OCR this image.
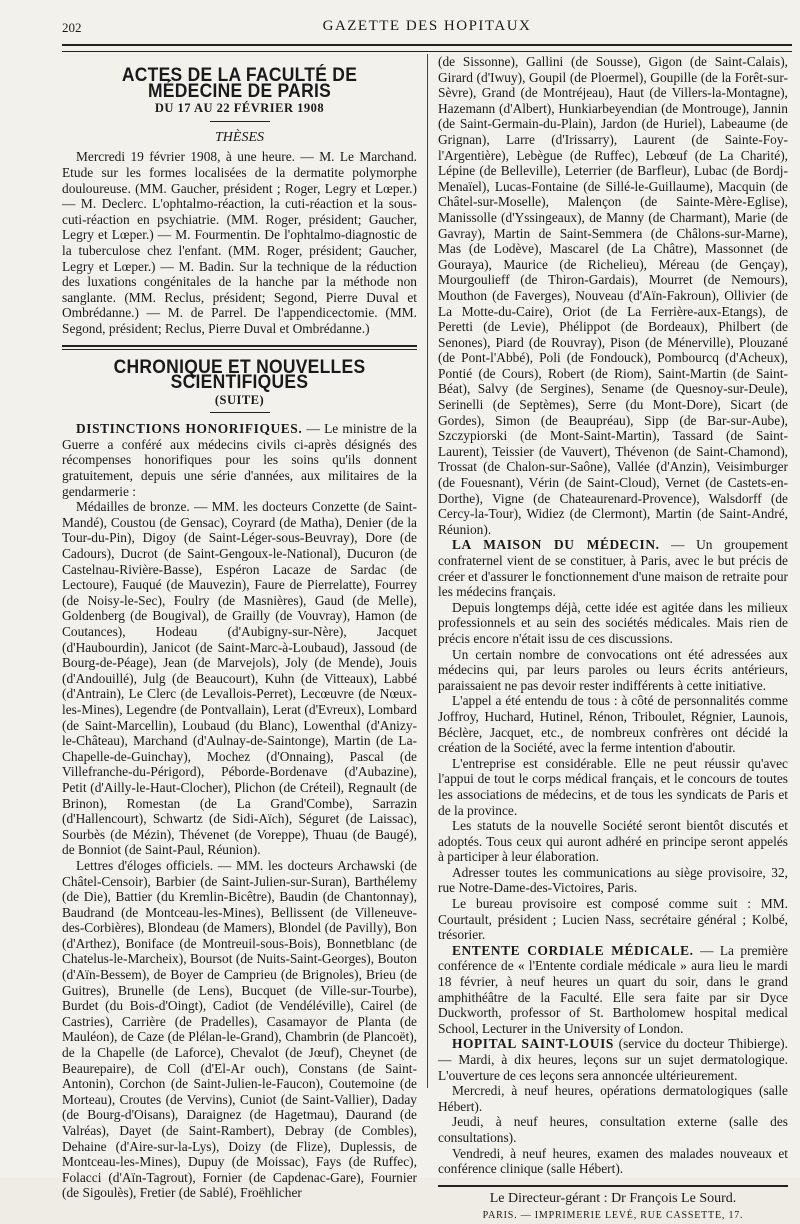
202	GAZETTE DES HOPITAUX
ACTES DE LA FACULTÉ DE MÉDECINE DE PARIS
DU 17 AU 22 FÉVRIER 1908
THÈSES

Mercredi 19 février 1908, à une heure. — M. Le Marchand. Etude sur les formes localisées de la dermatite polymorphe douloureuse. (MM. Gaucher, président ; Roger, Legry et Lœper.) — M. Declerc. L'ophtalmo-réaction, la cuti-réaction et la sous-cuti-réaction en psychiatrie. (MM. Roger, président; Gaucher, Legry et Lœper.) — M. Fourmentin. De l'ophtalmo-diagnostic de la tuberculose chez l'enfant. (MM. Roger, président; Gaucher, Legry et Lœper.) — M. Badin. Sur la technique de la réduction des luxations congénitales de la hanche par la méthode non sanglante. (MM. Reclus, président; Segond, Pierre Duval et Ombrédanne.) — M. de Parrel. De l'appendicectomie. (MM. Segond, président; Reclus, Pierre Duval et Ombrédanne.)

CHRONIQUE ET NOUVELLES SCIENTIFIQUES
(SUITE)

DISTINCTIONS HONORIFIQUES. — Le ministre de la Guerre a conféré aux médecins civils ci-après désignés des récompenses honorifiques pour les soins qu'ils donnent gratuitement, depuis une série d'années, aux militaires de la gendarmerie :

Médailles de bronze. — MM. les docteurs Conzette (de Saint-Mandé), Coustou (de Gensac), Coyrard (de Matha), Denier (de la Tour-du-Pin), Digoy (de Saint-Léger-sous-Beuvray), Dore (de Cadours), Ducrot (de Saint-Gengoux-le-National), Ducuron (de Castelnau-Rivière-Basse), Espéron Lacaze de Sardac (de Lectoure), Fauqué (de Mauvezin), Faure de Pierrelatte), Fourrey (de Noisy-le-Sec), Foulry (de Masnières), Gaud (de Melle), Goldenberg (de Bougival), de Grailly (de Vouvray), Hamon (de Coutances), Hodeau (d'Aubigny-sur-Nère), Jacquet (d'Haubourdin), Janicot (de Saint-Marc-à-Loubaud), Jassoud (de Bourg-de-Péage), Jean (de Marvejols), Joly (de Mende), Jouis (d'Andouillé), Julg (de Beaucourt), Kuhn (de Vitteaux), Labbé (d'Antrain), Le Clerc (de Levallois-Perret), Lecœuvre (de Nœux-les-Mines), Legendre (de Pontvallain), Lerat (d'Evreux), Lombard (de Saint-Marcellin), Loubaud (du Blanc), Lowenthal (d'Anizy-le-Château), Marchand (d'Aulnay-de-Saintonge), Martin (de La-Chapelle-de-Guinchay), Mochez (d'Onnaing), Pascal (de Villefranche-du-Périgord), Péborde-Bordenave (d'Aubazine), Petit (d'Ailly-le-Haut-Clocher), Plichon (de Créteil), Regnault (de Brinon), Romestan (de La Grand'Combe), Sarrazin (d'Hallencourt), Schwartz (de Sidi-Aïch), Séguret (de Laissac), Sourbès (de Mézin), Thévenet (de Voreppe), Thuau (de Baugé), de Bonniot (de Saint-Paul, Réunion).

Lettres d'éloges officiels. — MM. les docteurs Archawski (de Châtel-Censoir), Barbier (de Saint-Julien-sur-Suran), Barthélemy (de Die), Battier (du Kremlin-Bicêtre), Baudin (de Chantonnay), Baudrand (de Montceau-les-Mines), Bellissent (de Villeneuve-des-Corbières), Blondeau (de Mamers), Blondel (de Pavilly), Bon (d'Arthez), Boniface (de Montreuil-sous-Bois), Bonnetblanc (de Chatelus-le-Marcheix), Boursot (de Nuits-Saint-Georges), Bouton (d'Aïn-Bessem), de Boyer de Camprieu (de Brignoles), Brieu (de Guitres), Brunelle (de Lens), Bucquet (de Ville-sur-Tourbe), Burdet (du Bois-d'Oingt), Cadiot (de Vendéléville), Cairel (de Castries), Carrière (de Pradelles), Casamayor de Planta (de Mauléon), de Caze (de Plélan-le-Grand), Chambrin (de Plancoët), de la Chapelle (de Laforce), Chevalot (de Jœuf), Cheynet (de Beaurepaire), de Coll (d'El-Ar ouch), Constans (de Saint-Antonin), Corchon (de Saint-Julien-le-Faucon), Coutemoine (de Morteau), Croutes (de Vervins), Cuniot (de Saint-Vallier), Daday (de Bourg-d'Oisans), Daraignez (de Hagetmau), Daurand (de Valréas), Dayet (de Saint-Rambert), Debray (de Combles), Dehaine (d'Aire-sur-la-Lys), Doizy (de Flize), Duplessis, de Montceau-les-Mines), Dupuy (de Moissac), Fays (de Ruffec), Folacci (d'Aïn-Tagrout), Fornier (de Capdenac-Gare), Fournier (de Sigoulès), Fretier (de Sablé), Froëhlicher

(de Sissonne), Gallini (de Sousse), Gigon (de Saint-Calais), Girard (d'Iwuy), Goupil (de Ploermel), Goupille (de la Forêt-sur-Sèvre), Grand (de Montréjeau), Haut (de Villers-la-Montagne), Hazemann (d'Albert), Hunkiarbeyendian (de Montrouge), Jannin (de Saint-Germain-du-Plain), Jardon (de Huriel), Labeaume (de Grignan), Larre (d'Irissarry), Laurent (de Sainte-Foy-l'Argentière), Lebègue (de Ruffec), Lebœuf (de La Charité), Lépine (de Belleville), Leterrier (de Barfleur), Lubac (de Bordj-Menaïel), Lucas-Fontaine (de Sillé-le-Guillaume), Macquin (de Châtel-sur-Moselle), Malençon (de Sainte-Mère-Eglise), Manissolle (d'Yssingeaux), de Manny (de Charmant), Marie (de Gavray), Martin de Saint-Semmera (de Châlons-sur-Marne), Mas (de Lodève), Mascarel (de La Châtre), Massonnet (de Gouraya), Maurice (de Richelieu), Méreau (de Gençay), Mourgoulieff (de Thiron-Gardais), Mourret (de Nemours), Mouthon (de Faverges), Nouveau (d'Aïn-Fakroun), Ollivier (de La Motte-du-Caire), Oriot (de La Ferrière-aux-Etangs), de Peretti (de Levie), Phélippot (de Bordeaux), Philbert (de Senones), Piard (de Rouvray), Pison (de Ménerville), Plouzané (de Pont-l'Abbé), Poli (de Fondouck), Pombourcq (d'Acheux), Pontié (de Cours), Robert (de Riom), Saint-Martin (de Saint-Béat), Salvy (de Sergines), Sename (de Quesnoy-sur-Deule), Serinelli (de Septèmes), Serre (du Mont-Dore), Sicart (de Gordes), Simon (de Beaupréau), Sipp (de Bar-sur-Aube), Szczypiorski (de Mont-Saint-Martin), Tassard (de Saint-Laurent), Teissier (de Vauvert), Thévenon (de Saint-Chamond), Trossat (de Chalon-sur-Saône), Vallée (d'Anzin), Veisimburger (de Fouesnant), Vérin (de Saint-Cloud), Vernet (de Castets-en-Dorthe), Vigne (de Chateaurenard-Provence), Walsdorff (de Cercy-la-Tour), Widiez (de Clermont), Martin (de Saint-André, Réunion).

LA MAISON DU MÉDECIN. — Un groupement confraternel vient de se constituer, à Paris, avec le but précis de créer et d'assurer le fonctionnement d'une maison de retraite pour les médecins français.

Depuis longtemps déjà, cette idée est agitée dans les milieux professionnels et au sein des sociétés médicales. Mais rien de précis encore n'était issu de ces discussions.

Un certain nombre de convocations ont été adressées aux médecins qui, par leurs paroles ou leurs écrits antérieurs, paraissaient ne pas devoir rester indifférents à cette initiative.

L'appel a été entendu de tous : à côté de personnalités comme Joffroy, Huchard, Hutinel, Rénon, Triboulet, Régnier, Launois, Béclère, Jacquet, etc., de nombreux confrères ont décidé la création de la Société, avec la ferme intention d'aboutir.

L'entreprise est considérable. Elle ne peut réussir qu'avec l'appui de tout le corps médical français, et le concours de toutes les associations de médecins, et de tous les syndicats de Paris et de la province.

Les statuts de la nouvelle Société seront bientôt discutés et adoptés. Tous ceux qui auront adhéré en principe seront appelés à participer à leur élaboration.

Adresser toutes les communications au siège provisoire, 32, rue Notre-Dame-des-Victoires, Paris.

Le bureau provisoire est composé comme suit : MM. Courtault, président ; Lucien Nass, secrétaire général ; Kolbé, trésorier.

ENTENTE CORDIALE MÉDICALE. — La première conférence de « l'Entente cordiale médicale » aura lieu le mardi 18 février, à neuf heures un quart du soir, dans le grand amphithéâtre de la Faculté. Elle sera faite par sir Dyce Duckworth, professor of St. Bartholomew hospital medical School, Lecturer in the University of London.

HOPITAL SAINT-LOUIS (service du docteur Thibierge). — Mardi, à dix heures, leçons sur un sujet dermatologique. L'ouverture de ces leçons sera annoncée ultérieurement.

Mercredi, à neuf heures, opérations dermatologiques (salle Hébert).

Jeudi, à neuf heures, consultation externe (salle des consultations).

Vendredi, à neuf heures, examen des malades nouveaux et conférence clinique (salle Hébert).

Le Directeur-gérant : Dr François Le Sourd.
PARIS. — IMPRIMERIE LEVÉ, RUE CASSETTE, 17.
